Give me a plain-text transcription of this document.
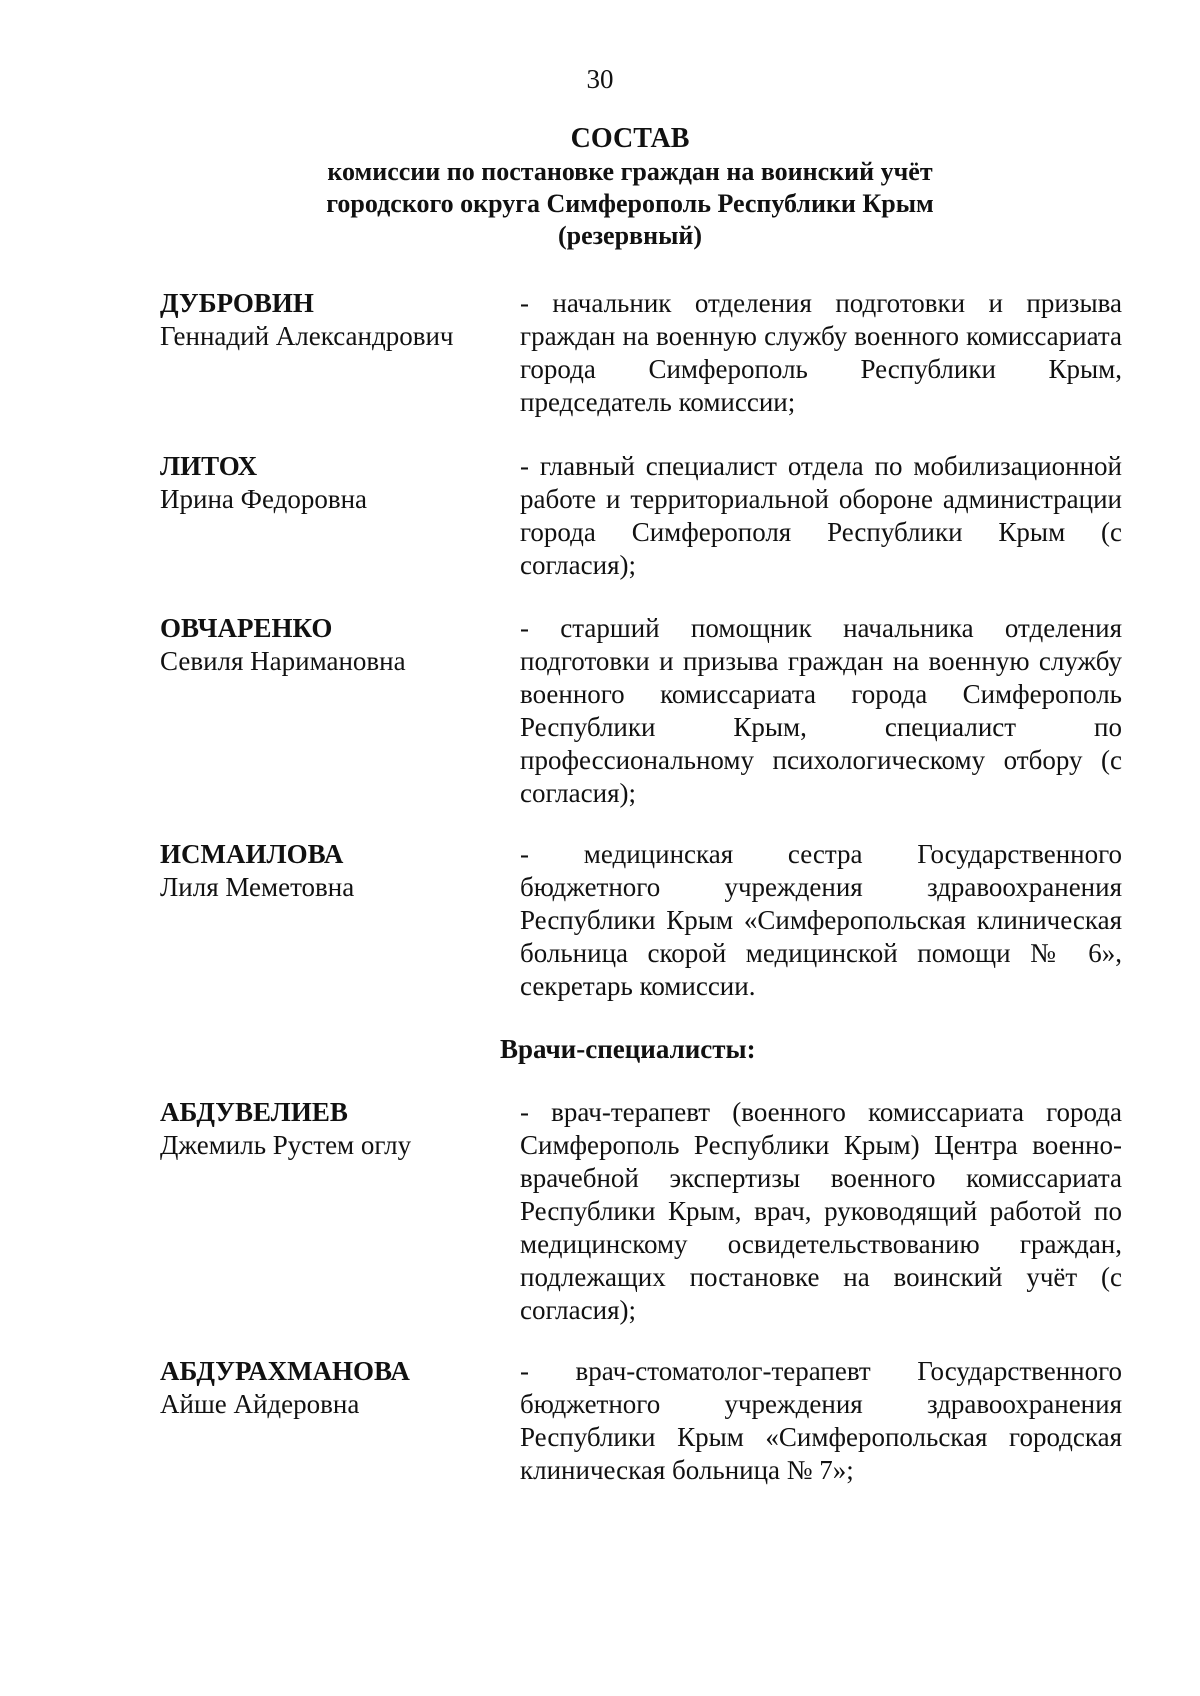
30
СОСТАВ
комиссии по постановке граждан на воинский учёт
городского округа Симферополь Республики Крым
(резервный)
ДУБРОВИН
Геннадий Александрович
- начальник отделения подготовки и призыва граждан на военную службу военного комиссариата города Симферополь Республики Крым, председатель комиссии;
ЛИТОХ
Ирина Федоровна
- главный специалист отдела по мобилизационной работе и территориальной обороне администрации города Симферополя Республики Крым (с согласия);
ОВЧАРЕНКО
Севиля Наримановна
- старший помощник начальника отделения подготовки и призыва граждан на военную службу военного комиссариата города Симферополь Республики Крым, специалист по профессиональному психологическому отбору (с согласия);
ИСМАИЛОВА
Лиля Меметовна
- медицинская сестра Государственного бюджетного учреждения здравоохранения Республики Крым «Симферопольская клиническая больница скорой медицинской помощи № 6», секретарь комиссии.
Врачи-специалисты:
АБДУВЕЛИЕВ
Джемиль Рустем оглу
- врач-терапевт (военного комиссариата города Симферополь Республики Крым) Центра военно-врачебной экспертизы военного комиссариата Республики Крым, врач, руководящий работой по медицинскому освидетельствованию граждан, подлежащих постановке на воинский учёт (с согласия);
АБДУРАХМАНОВА
Айше Айдеровна
- врач-стоматолог-терапевт Государственного бюджетного учреждения здравоохранения Республики Крым «Симферопольская городская клиническая больница № 7»;
